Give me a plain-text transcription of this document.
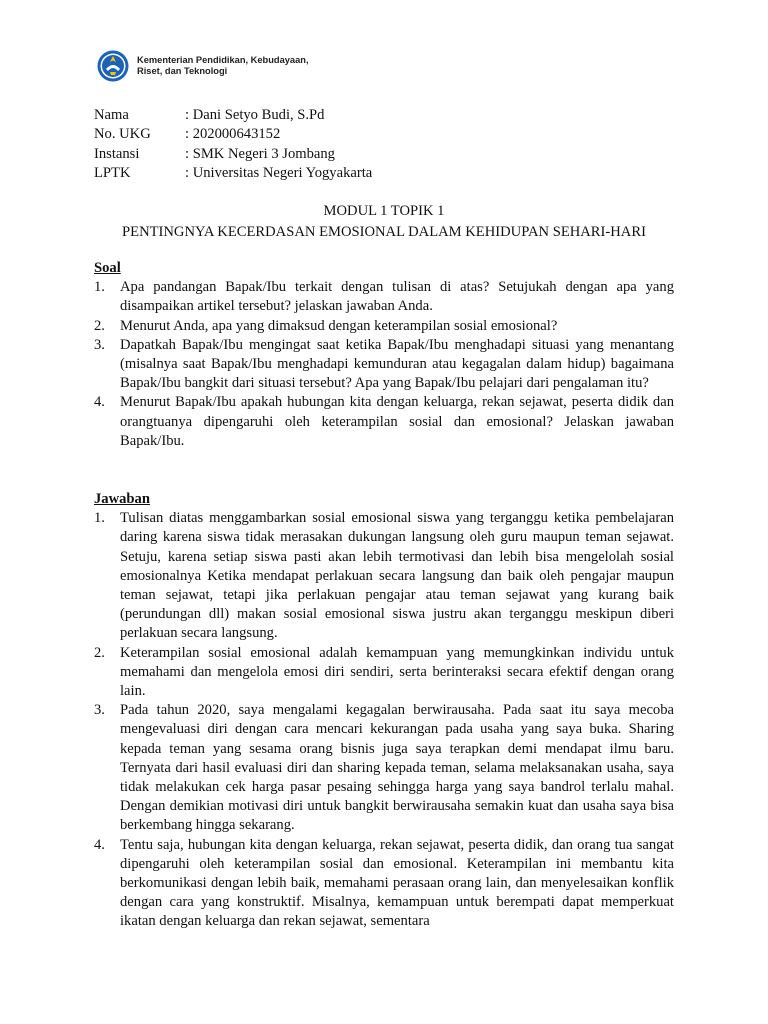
Kementerian Pendidikan, Kebudayaan,
Riset, dan Teknologi
Nama	: Dani Setyo Budi, S.Pd
No. UKG	: 202000643152
Instansi	: SMK Negeri 3 Jombang
LPTK	: Universitas Negeri Yogyakarta
MODUL 1 TOPIK 1
PENTINGNYA KECERDASAN EMOSIONAL DALAM KEHIDUPAN SEHARI-HARI
Soal
1. Apa pandangan Bapak/Ibu terkait dengan tulisan di atas? Setujukah dengan apa yang disampaikan artikel tersebut? jelaskan jawaban Anda.
2. Menurut Anda, apa yang dimaksud dengan keterampilan sosial emosional?
3. Dapatkah Bapak/Ibu mengingat saat ketika Bapak/Ibu menghadapi situasi yang menantang (misalnya saat Bapak/Ibu menghadapi kemunduran atau kegagalan dalam hidup) bagaimana Bapak/Ibu bangkit dari situasi tersebut? Apa yang Bapak/Ibu pelajari dari pengalaman itu?
4. Menurut Bapak/Ibu apakah hubungan kita dengan keluarga, rekan sejawat, peserta didik dan orangtuanya dipengaruhi oleh keterampilan sosial dan emosional? Jelaskan jawaban Bapak/Ibu.
Jawaban
1. Tulisan diatas menggambarkan sosial emosional siswa yang terganggu ketika pembelajaran daring karena siswa tidak merasakan dukungan langsung oleh guru maupun teman sejawat. Setuju, karena setiap siswa pasti akan lebih termotivasi dan lebih bisa mengelolah sosial emosionalnya Ketika mendapat perlakuan secara langsung dan baik oleh pengajar maupun teman sejawat, tetapi jika perlakuan pengajar atau teman sejawat yang kurang baik (perundungan dll) makan sosial emosional siswa justru akan terganggu meskipun diberi perlakuan secara langsung.
2. Keterampilan sosial emosional adalah kemampuan yang memungkinkan individu untuk memahami dan mengelola emosi diri sendiri, serta berinteraksi secara efektif dengan orang lain.
3. Pada tahun 2020, saya mengalami kegagalan berwirausaha. Pada saat itu saya mecoba mengevaluasi diri dengan cara mencari kekurangan pada usaha yang saya buka. Sharing kepada teman yang sesama orang bisnis juga saya terapkan demi mendapat ilmu baru. Ternyata dari hasil evaluasi diri dan sharing kepada teman, selama melaksanakan usaha, saya tidak melakukan cek harga pasar pesaing sehingga harga yang saya bandrol terlalu mahal. Dengan demikian motivasi diri untuk bangkit berwirausaha semakin kuat dan usaha saya bisa berkembang hingga sekarang.
4. Tentu saja, hubungan kita dengan keluarga, rekan sejawat, peserta didik, dan orang tua sangat dipengaruhi oleh keterampilan sosial dan emosional. Keterampilan ini membantu kita berkomunikasi dengan lebih baik, memahami perasaan orang lain, dan menyelesaikan konflik dengan cara yang konstruktif. Misalnya, kemampuan untuk berempati dapat memperkuat ikatan dengan keluarga dan rekan sejawat, sementara
